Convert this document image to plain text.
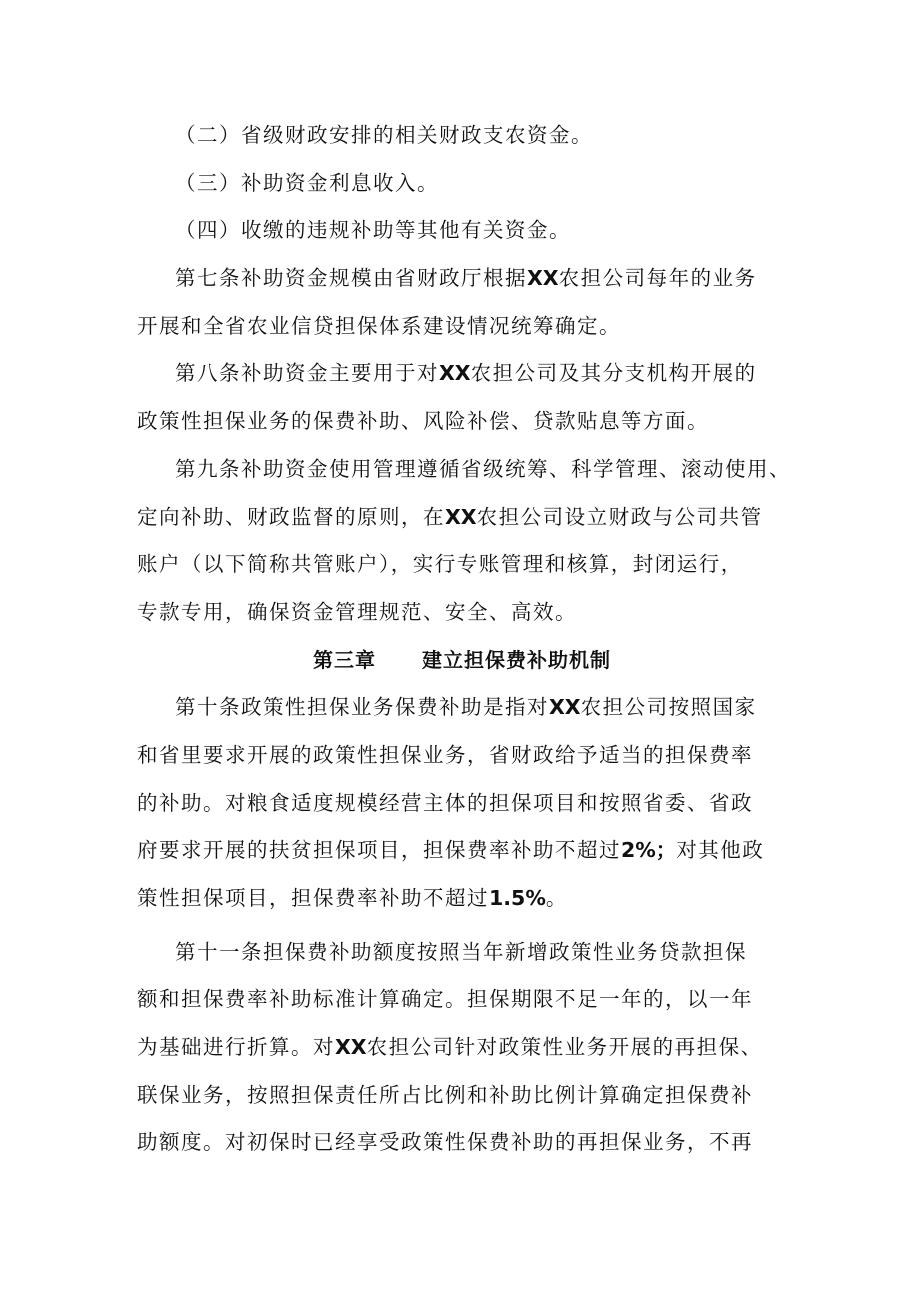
（二）省级财政安排的相关财政支农资金。
（三）补助资金利息收入。
（四）收缴的违规补助等其他有关资金。
第七条补助资金规模由省财政厅根据XX农担公司每年的业务
开展和全省农业信贷担保体系建设情况统筹确定。
第八条补助资金主要用于对XX农担公司及其分支机构开展的
政策性担保业务的保费补助、风险补偿、贷款贴息等方面。
第九条补助资金使用管理遵循省级统筹、科学管理、滚动使用、
定向补助、财政监督的原则，在XX农担公司设立财政与公司共管
账户（以下简称共管账户），实行专账管理和核算，封闭运行，
专款专用，确保资金管理规范、安全、高效。
第三章 建立担保费补助机制
第十条政策性担保业务保费补助是指对XX农担公司按照国家
和省里要求开展的政策性担保业务，省财政给予适当的担保费率
的补助。对粮食适度规模经营主体的担保项目和按照省委、省政
府要求开展的扶贫担保项目，担保费率补助不超过2%；对其他政
策性担保项目，担保费率补助不超过1.5%。
第十一条担保费补助额度按照当年新增政策性业务贷款担保
额和担保费率补助标准计算确定。担保期限不足一年的，以一年
为基础进行折算。对XX农担公司针对政策性业务开展的再担保、
联保业务，按照担保责任所占比例和补助比例计算确定担保费补
助额度。对初保时已经享受政策性保费补助的再担保业务，不再
